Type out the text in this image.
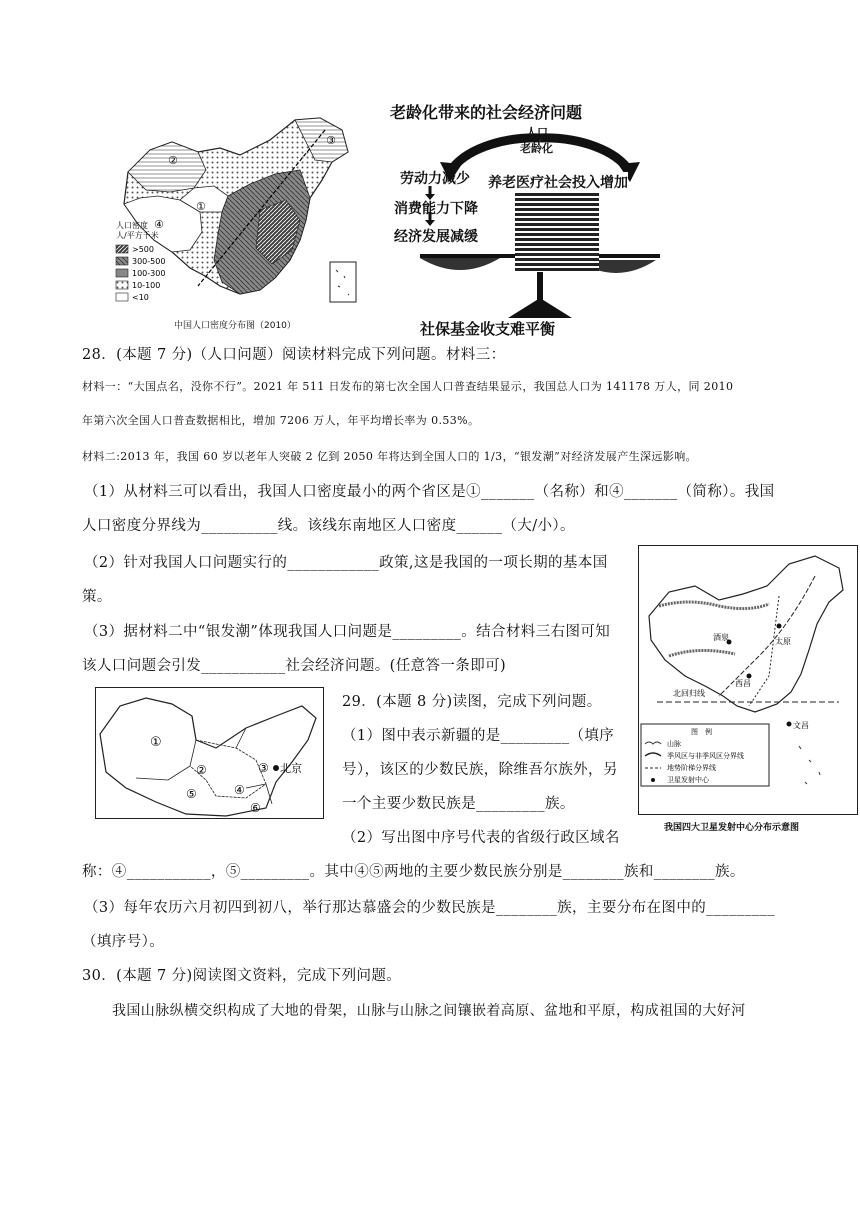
人口密度
人/平方千米
>500
300-500
100-300
10-100
<10
②
③
①
④
中国人口密度分布图（2010）
老龄化带来的社会经济问题
人口
老龄化
劳动力减少
消费能力下降
经济发展减缓
养老医疗社会投入增加
社保基金收支难平衡
28．(本题 7 分)（人口问题）阅读材料完成下列问题。材料三：
材料一：“大国点名，没你不行”。2021 年 511 日发布的第七次全国人口普查结果显示，我国总人口为 141178 万人，同 2010
年第六次全国人口普查数据相比，增加 7206 万人，年平均增长率为 0.53%。
材料二:2013 年，我国 60 岁以老年人突破 2 亿到 2050 年将达到全国人口的 1/3，“银发潮”对经济发展产生深远影响。
（1）从材料三可以看出，我国人口密度最小的两个省区是①_______（名称）和④_______（简称）。我国
人口密度分界线为__________线。该线东南地区人口密度______（大/小）。
（2）针对我国人口问题实行的____________政策,这是我国的一项长期的基本国
策。
（3）据材料二中“银发潮”体现我国人口问题是_________。结合材料三右图可知
该人口问题会引发___________社会经济问题。(任意答一条即可)
酒泉	太原
西昌
北回归线
文昌
图　例
山脉
季风区与非季风区分界线
地势阶梯分界线
卫星发射中心
我国四大卫星发射中心分布示意图
①
②	③
④
⑤
⑥
北京
29．(本题 8 分)读图，完成下列问题。
（1）图中表示新疆的是_________（填序
号），该区的少数民族，除维吾尔族外，另
一个主要少数民族是_________族。
（2）写出图中序号代表的省级行政区域名
称：④___________，⑤_________。其中④⑤两地的主要少数民族分别是________族和________族。
（3）每年农历六月初四到初八，举行那达慕盛会的少数民族是________族，主要分布在图中的_________
（填序号）。
30．(本题 7 分)阅读图文资料，完成下列问题。
我国山脉纵横交织构成了大地的骨架，山脉与山脉之间镶嵌着高原、盆地和平原，构成祖国的大好河
